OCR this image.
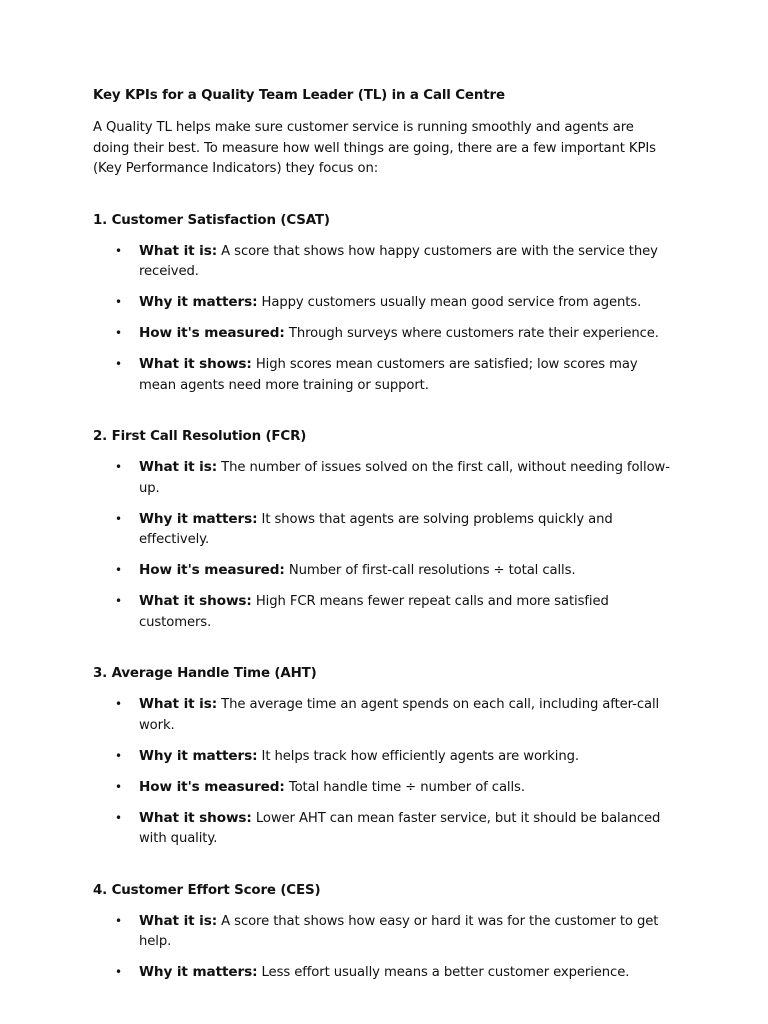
Key KPIs for a Quality Team Leader (TL) in a Call Centre

A Quality TL helps make sure customer service is running smoothly and agents are doing their best. To measure how well things are going, there are a few important KPIs (Key Performance Indicators) they focus on:

1. Customer Satisfaction (CSAT)
• What it is: A score that shows how happy customers are with the service they received.
• Why it matters: Happy customers usually mean good service from agents.
• How it's measured: Through surveys where customers rate their experience.
• What it shows: High scores mean customers are satisfied; low scores may mean agents need more training or support.
2. First Call Resolution (FCR)
• What it is: The number of issues solved on the first call, without needing follow-up.
• Why it matters: It shows that agents are solving problems quickly and effectively.
• How it's measured: Number of first-call resolutions ÷ total calls.
• What it shows: High FCR means fewer repeat calls and more satisfied customers.
3. Average Handle Time (AHT)
• What it is: The average time an agent spends on each call, including after-call work.
• Why it matters: It helps track how efficiently agents are working.
• How it's measured: Total handle time ÷ number of calls.
• What it shows: Lower AHT can mean faster service, but it should be balanced with quality.
4. Customer Effort Score (CES)
• What it is: A score that shows how easy or hard it was for the customer to get help.
• Why it matters: Less effort usually means a better customer experience.
